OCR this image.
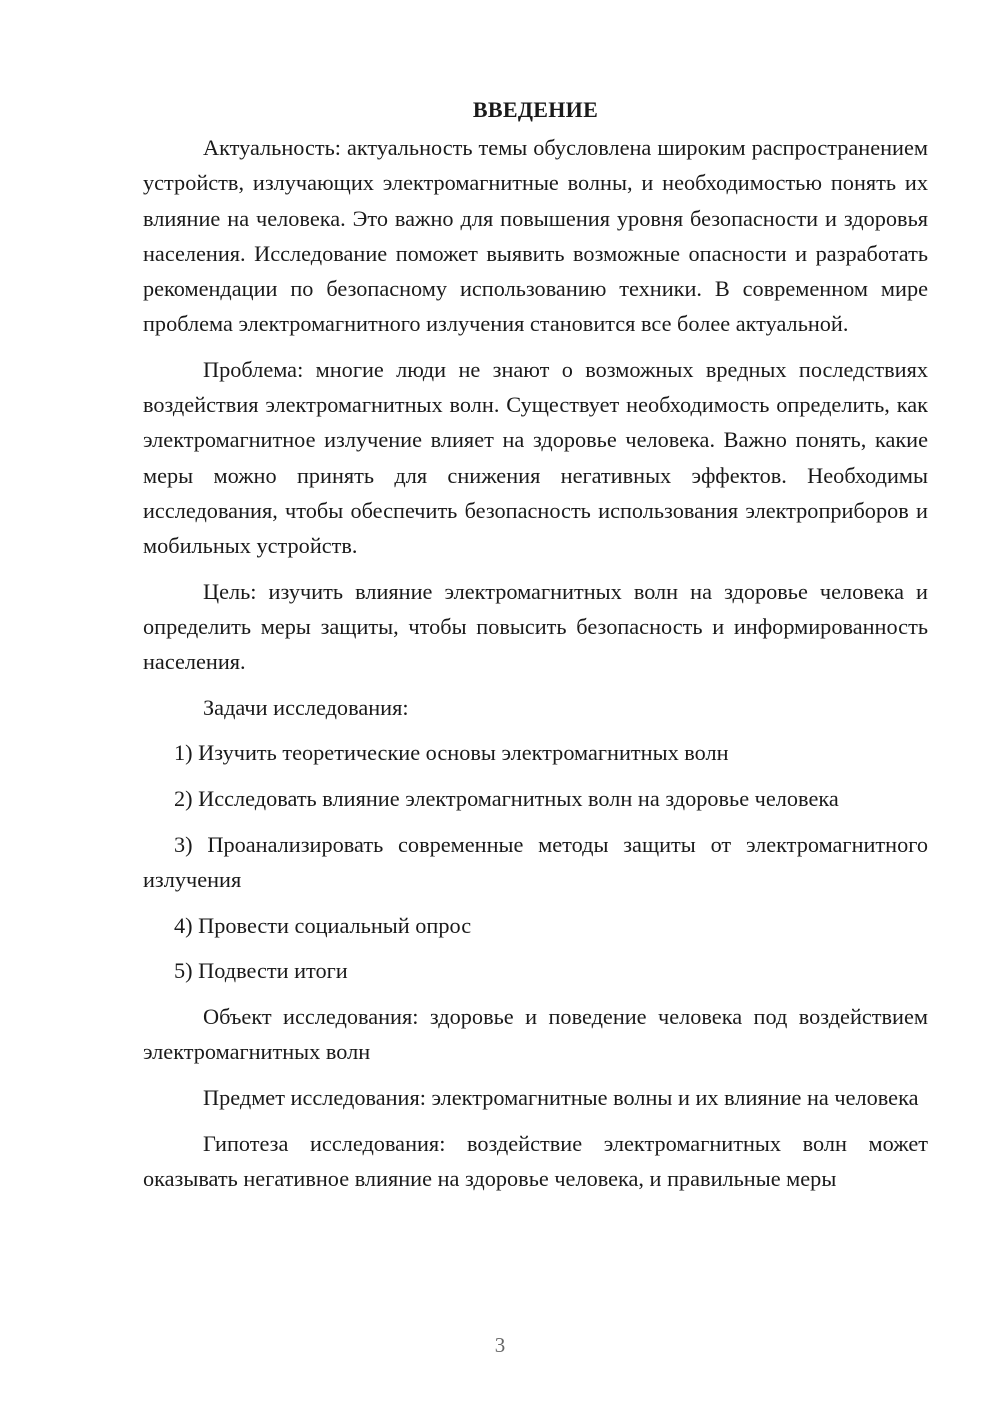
ВВЕДЕНИЕ

Актуальность: актуальность темы обусловлена широким распространением устройств, излучающих электромагнитные волны, и необходимостью понять их влияние на человека. Это важно для повышения уровня безопасности и здоровья населения. Исследование поможет выявить возможные опасности и разработать рекомендации по безопасному использованию техники. В современном мире проблема электромагнитного излучения становится все более актуальной.

Проблема: многие люди не знают о возможных вредных последствиях воздействия электромагнитных волн. Существует необходимость определить, как электромагнитное излучение влияет на здоровье человека. Важно понять, какие меры можно принять для снижения негативных эффектов. Необходимы исследования, чтобы обеспечить безопасность использования электроприборов и мобильных устройств.

Цель: изучить влияние электромагнитных волн на здоровье человека и определить меры защиты, чтобы повысить безопасность и информированность населения.

Задачи исследования:

1) Изучить теоретические основы электромагнитных волн

2) Исследовать влияние электромагнитных волн на здоровье человека

3) Проанализировать современные методы защиты от электромагнитного излучения

4) Провести социальный опрос

5) Подвести итоги

Объект исследования: здоровье и поведение человека под воздействием электромагнитных волн

Предмет исследования: электромагнитные волны и их влияние на человека

Гипотеза исследования: воздействие электромагнитных волн может оказывать негативное влияние на здоровье человека, и правильные меры

3
